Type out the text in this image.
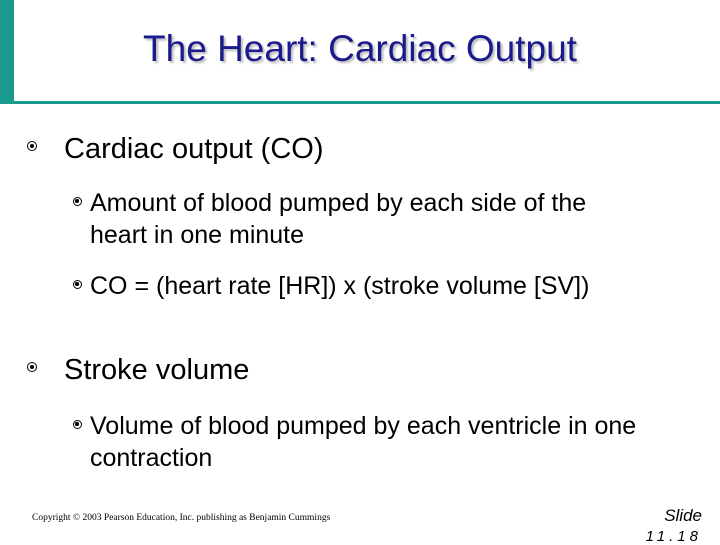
The Heart: Cardiac Output
Cardiac output (CO)
Amount of blood pumped by each side of the heart in one minute
CO = (heart rate [HR]) x (stroke volume [SV])
Stroke volume
Volume of blood pumped by each ventricle in one contraction
Copyright © 2003 Pearson Education, Inc. publishing as Benjamin Cummings	Slide
11.18
